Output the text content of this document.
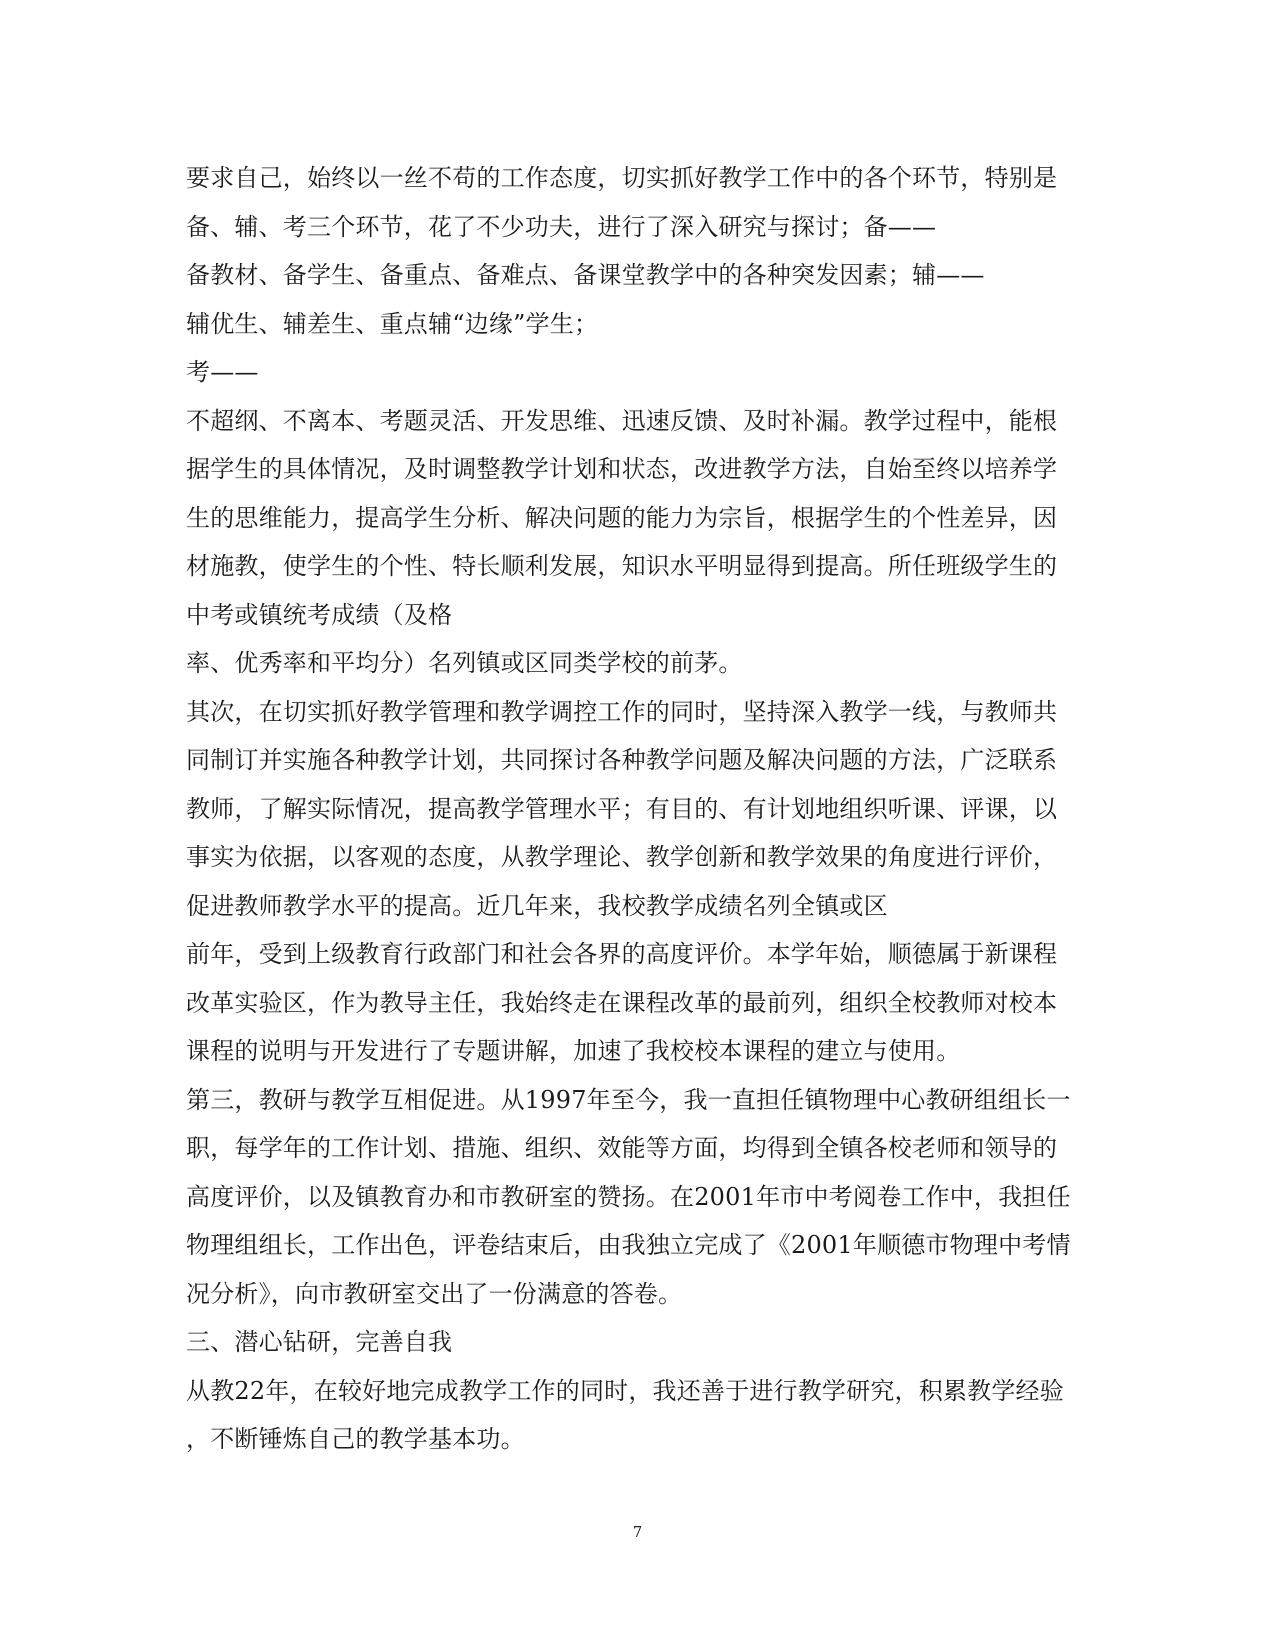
要求自己，始终以一丝不苟的工作态度，切实抓好教学工作中的各个环节，特别是
备、辅、考三个环节，花了不少功夫，进行了深入研究与探讨；备——
备教材、备学生、备重点、备难点、备课堂教学中的各种突发因素；辅——
辅优生、辅差生、重点辅“边缘”学生；
考——
不超纲、不离本、考题灵活、开发思维、迅速反馈、及时补漏。教学过程中，能根
据学生的具体情况，及时调整教学计划和状态，改进教学方法，自始至终以培养学
生的思维能力，提高学生分析、解决问题的能力为宗旨，根据学生的个性差异，因
材施教，使学生的个性、特长顺利发展，知识水平明显得到提高。所任班级学生的
中考或镇统考成绩（及格
率、优秀率和平均分）名列镇或区同类学校的前茅。
其次，在切实抓好教学管理和教学调控工作的同时，坚持深入教学一线，与教师共
同制订并实施各种教学计划，共同探讨各种教学问题及解决问题的方法，广泛联系
教师，了解实际情况，提高教学管理水平；有目的、有计划地组织听课、评课，以
事实为依据，以客观的态度，从教学理论、教学创新和教学效果的角度进行评价，
促进教师教学水平的提高。近几年来，我校教学成绩名列全镇或区
前年，受到上级教育行政部门和社会各界的高度评价。本学年始，顺德属于新课程
改革实验区，作为教导主任，我始终走在课程改革的最前列，组织全校教师对校本
课程的说明与开发进行了专题讲解，加速了我校校本课程的建立与使用。
第三，教研与教学互相促进。从1997年至今，我一直担任镇物理中心教研组组长一
职，每学年的工作计划、措施、组织、效能等方面，均得到全镇各校老师和领导的
高度评价，以及镇教育办和市教研室的赞扬。在2001年市中考阅卷工作中，我担任
物理组组长，工作出色，评卷结束后，由我独立完成了《2001年顺德市物理中考情
况分析》，向市教研室交出了一份满意的答卷。
三、潜心钻研，完善自我
从教22年，在较好地完成教学工作的同时，我还善于进行教学研究，积累教学经验
，不断锤炼自己的教学基本功。
7
